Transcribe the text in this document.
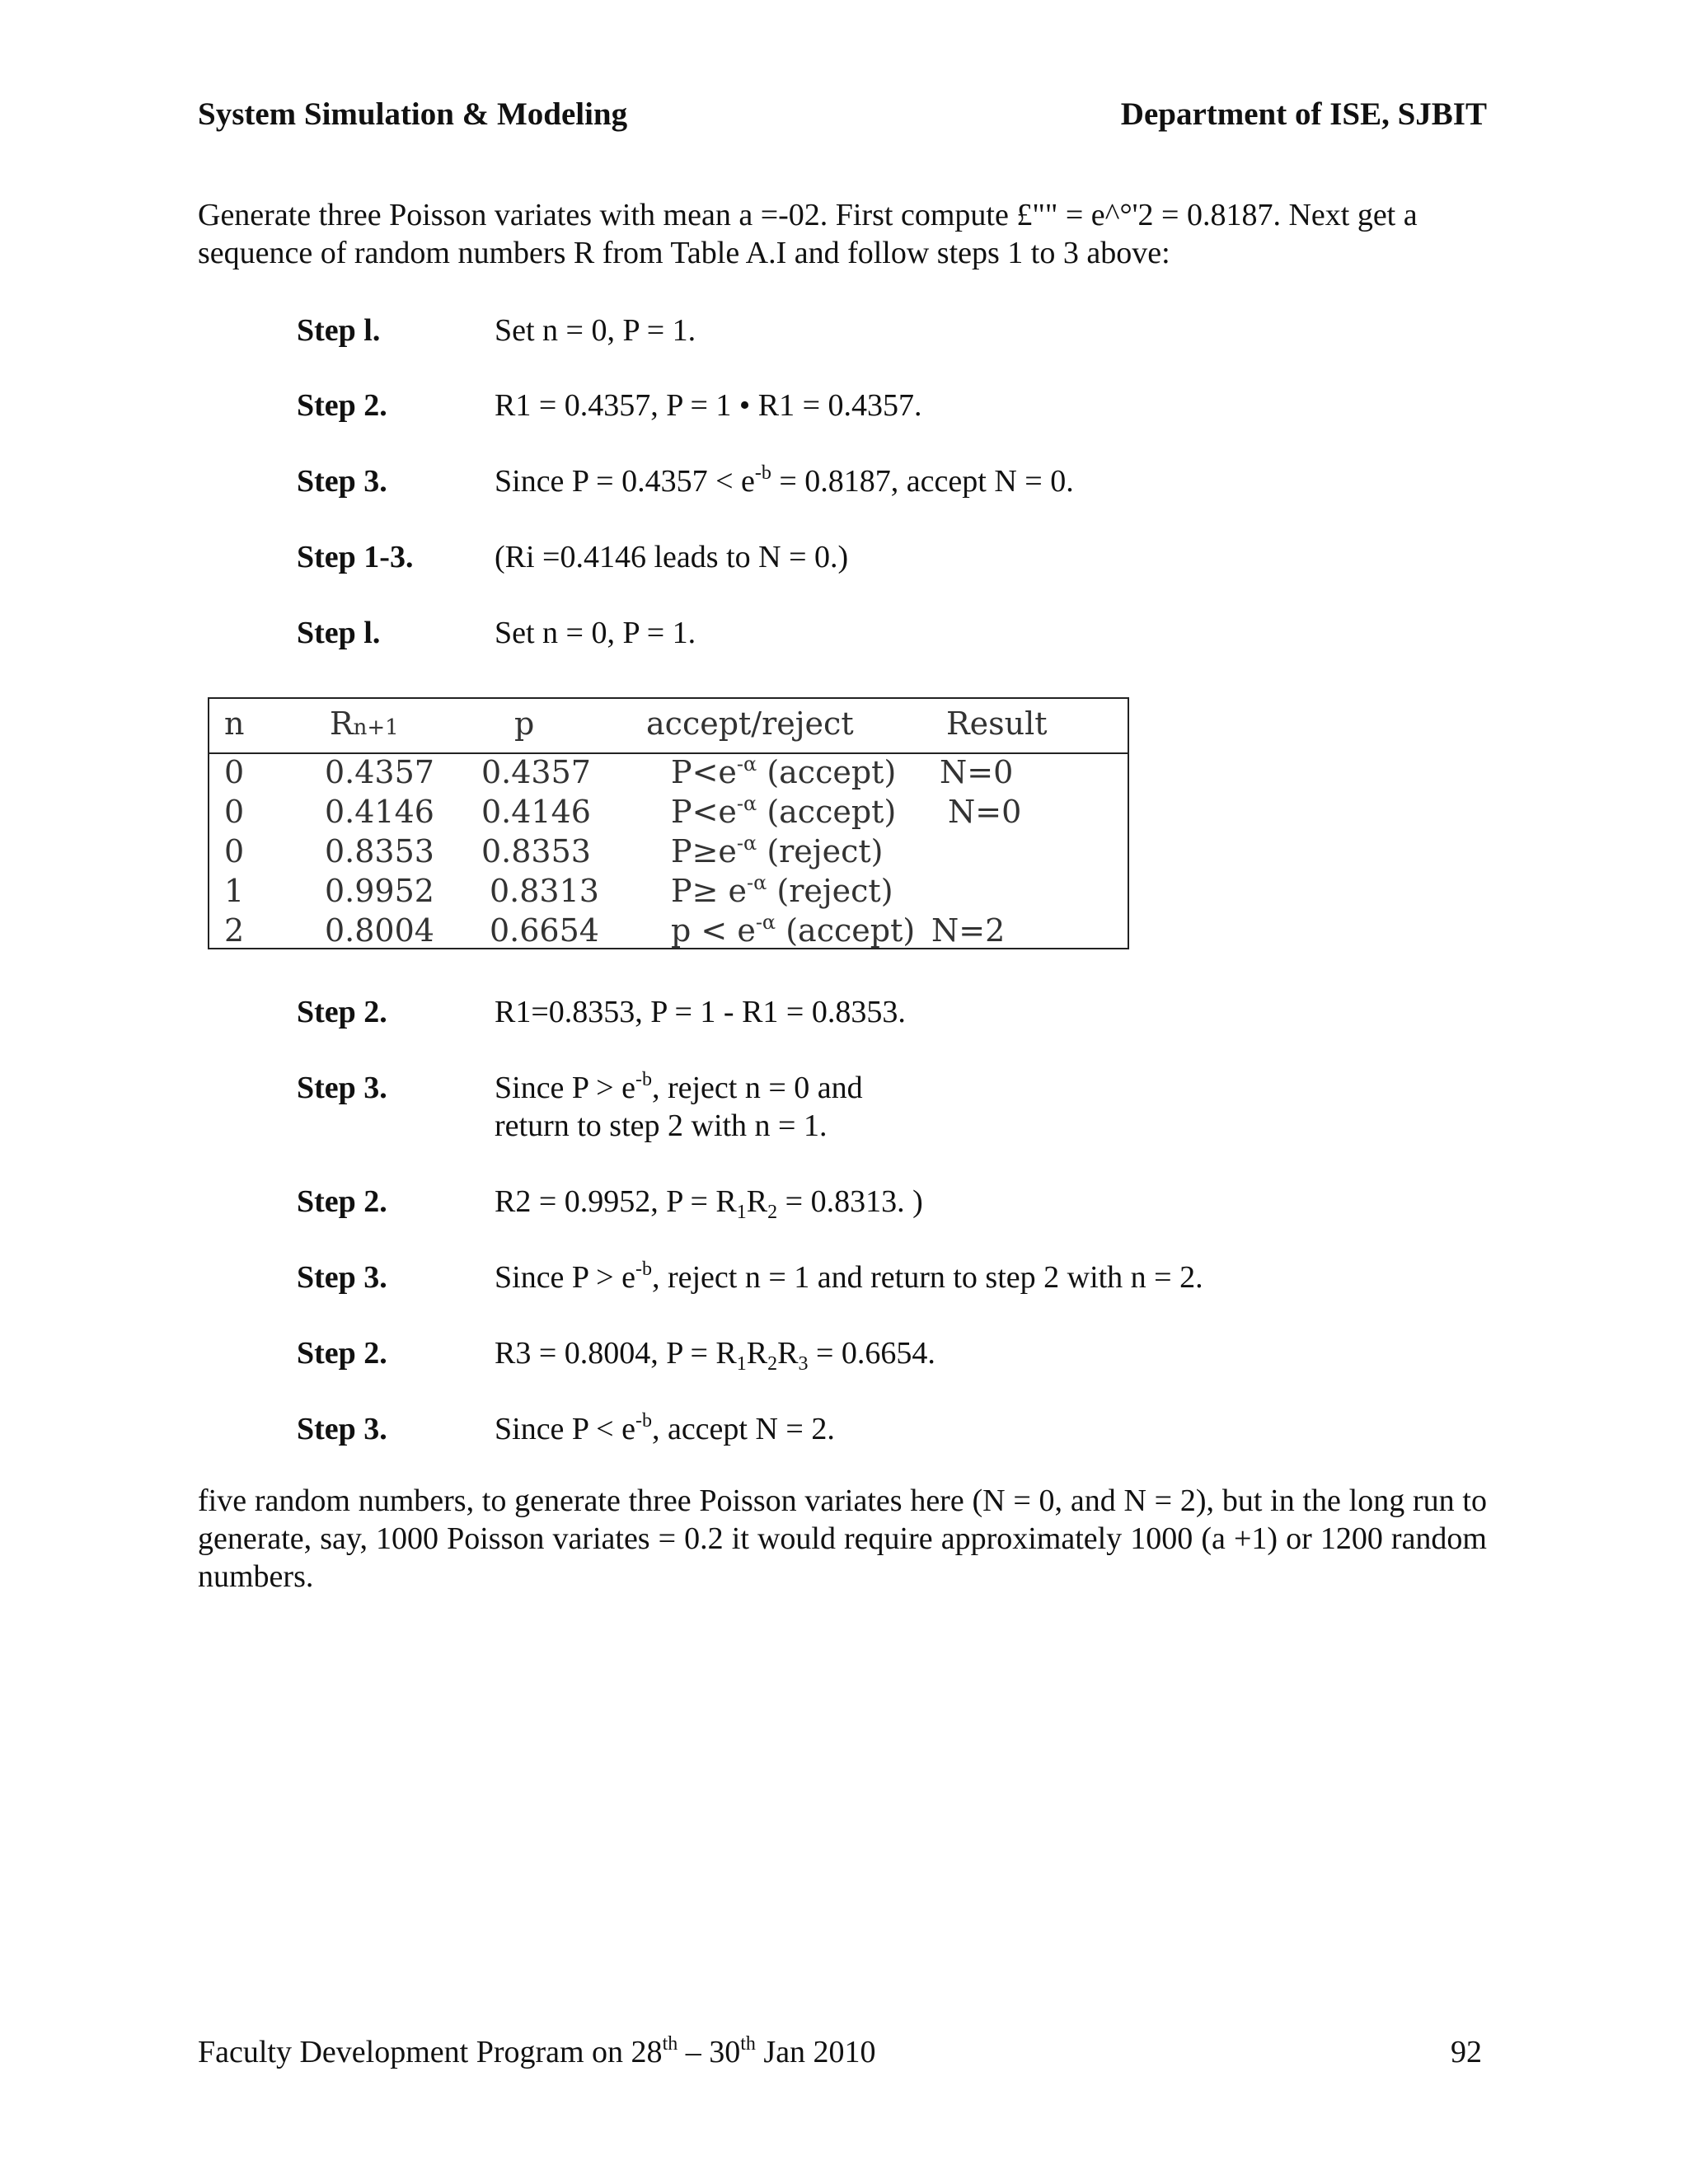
System Simulation & Modeling	Department of ISE, SJBIT
Generate three Poisson variates with mean a =-02. First compute £"" = e^°'2 = 0.8187. Next get a sequence of random numbers R from Table A.I and follow steps 1 to 3 above:
Step l.	Set n = 0, P = 1.
Step 2.	R1 = 0.4357, P = 1 • R1 = 0.4357.
Step 3.	Since $P = 0.4357 < e^{-b} = 0.8187$, accept N = 0.
Step 1-3.	(Ri =0.4146 leads to N = 0.)
Step l.	Set n = 0, P = 1.
n	Rn+1	p	accept/reject	Result
0	0.4357 0.4357	$P<e^{-\alpha}$ (accept) N=0
0	0.4146 0.4146	$P<e^{-\alpha}$ (accept) N=0
0	0.8353 0.8353	$P\ge e^{-\alpha}$ (reject)
1	0.9952 0.8313 $P\ge e^{-\alpha}$ (reject)
2	0.8004 0.6654 $p < e^{-\alpha}$ (accept) N=2
Step 2.	R1=0.8353, P = 1 - R1 = 0.8353.
Step 3.	Since $P > e^{-b}$, reject n = 0 and
return to step 2 with n = 1.
Step 2.	R2 = 0.9952, $P = R_1R_2 = 0.8313$. )
Step 3.	Since $P > e^{-b}$, reject n = 1 and return to step 2 with n = 2.
Step 2.	R3 = 0.8004, $P = R_1R_2R_3 = 0.6654$.
Step 3.	Since $P < e^{-b}$, accept N = 2.
five random numbers, to generate three Poisson variates here (N = 0, and N = 2), but in the long run to generate, say, 1000 Poisson variates = 0.2 it would require approximately 1000 (a +1) or 1200 random numbers.
Faculty Development Program on 28th – 30th Jan 2010	92
